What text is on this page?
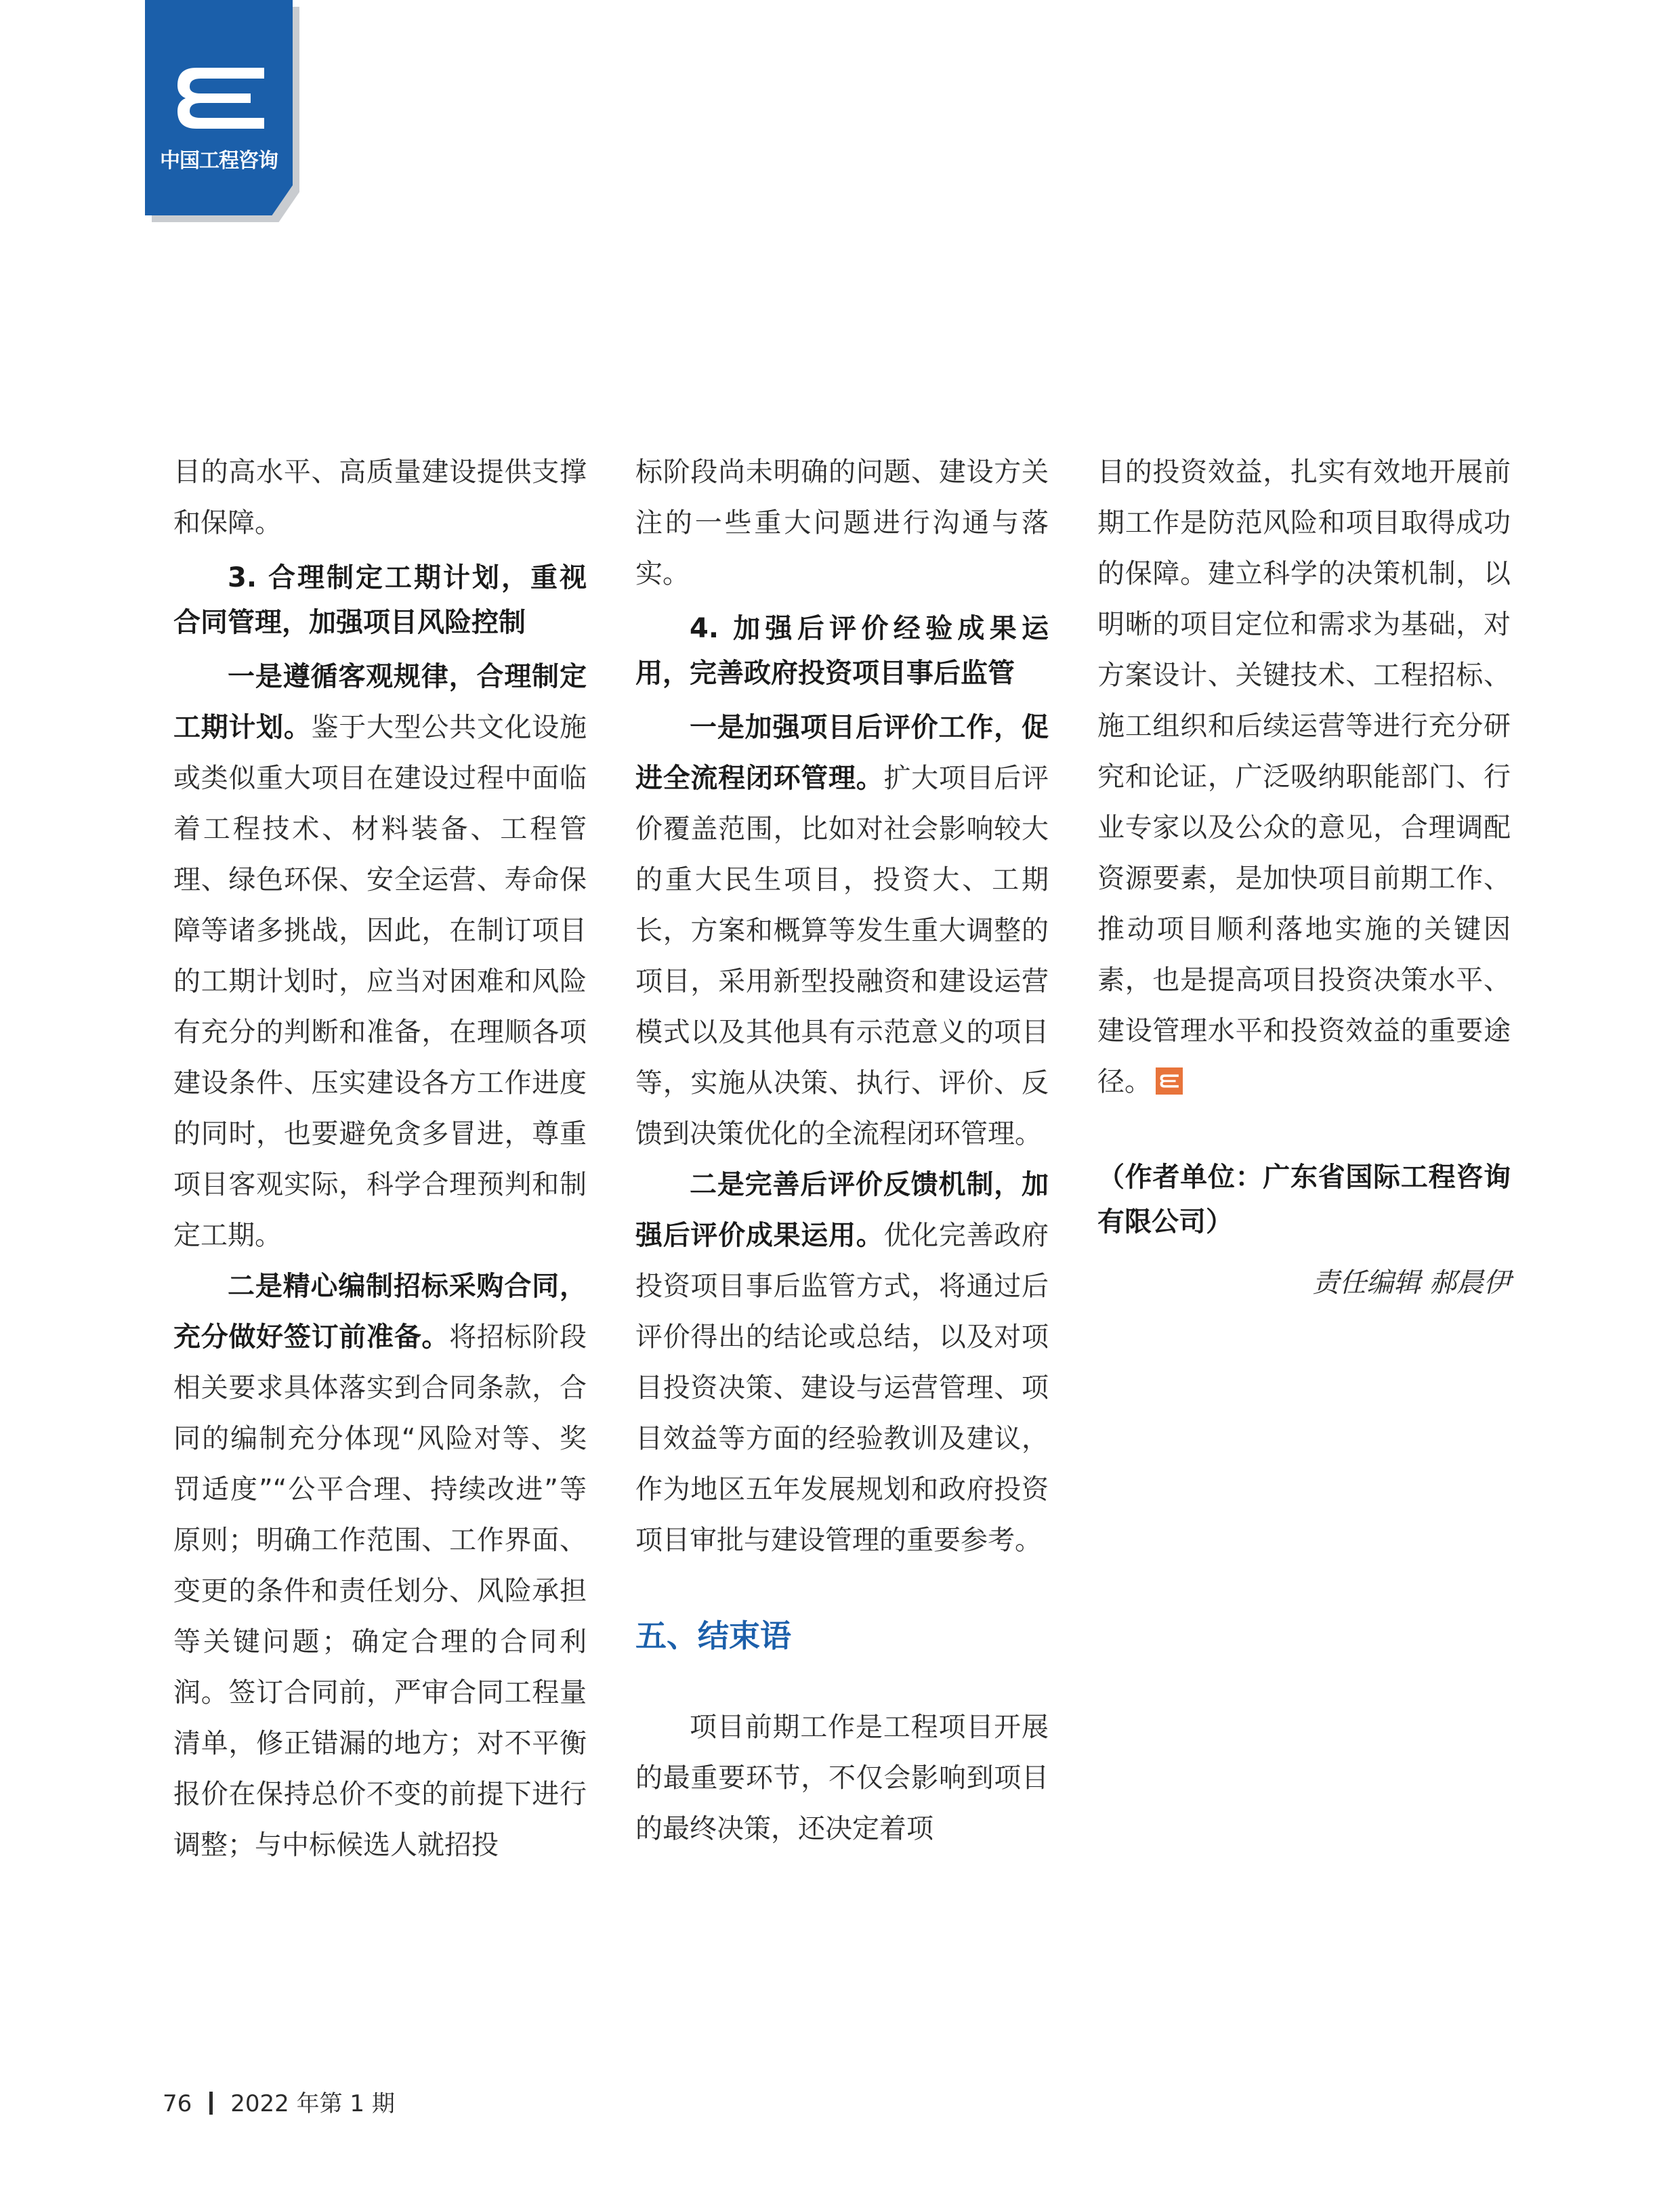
中国工程咨询

目的高水平、高质量建设提供支撑和保障。

3. 合理制定工期计划，重视合同管理，加强项目风险控制

一是遵循客观规律，合理制定工期计划。鉴于大型公共文化设施或类似重大项目在建设过程中面临着工程技术、材料装备、工程管理、绿色环保、安全运营、寿命保障等诸多挑战，因此，在制订项目的工期计划时，应当对困难和风险有充分的判断和准备，在理顺各项建设条件、压实建设各方工作进度的同时，也要避免贪多冒进，尊重项目客观实际，科学合理预判和制定工期。

二是精心编制招标采购合同，充分做好签订前准备。将招标阶段相关要求具体落实到合同条款，合同的编制充分体现“风险对等、奖罚适度”“公平合理、持续改进”等原则；明确工作范围、工作界面、变更的条件和责任划分、风险承担等关键问题；确定合理的合同利润。签订合同前，严审合同工程量清单，修正错漏的地方；对不平衡报价在保持总价不变的前提下进行调整；与中标候选人就招投

标阶段尚未明确的问题、建设方关注的一些重大问题进行沟通与落实。

4. 加强后评价经验成果运用，完善政府投资项目事后监管

一是加强项目后评价工作，促进全流程闭环管理。扩大项目后评价覆盖范围，比如对社会影响较大的重大民生项目，投资大、工期长，方案和概算等发生重大调整的项目，采用新型投融资和建设运营模式以及其他具有示范意义的项目等，实施从决策、执行、评价、反馈到决策优化的全流程闭环管理。

二是完善后评价反馈机制，加强后评价成果运用。优化完善政府投资项目事后监管方式，将通过后评价得出的结论或总结，以及对项目投资决策、建设与运营管理、项目效益等方面的经验教训及建议，作为地区五年发展规划和政府投资项目审批与建设管理的重要参考。

五、结束语

项目前期工作是工程项目开展的最重要环节，不仅会影响到项目的最终决策，还决定着项

目的投资效益，扎实有效地开展前期工作是防范风险和项目取得成功的保障。建立科学的决策机制，以明晰的项目定位和需求为基础，对方案设计、关键技术、工程招标、施工组织和后续运营等进行充分研究和论证，广泛吸纳职能部门、行业专家以及公众的意见，合理调配资源要素，是加快项目前期工作、推动项目顺利落地实施的关键因素，也是提高项目投资决策水平、建设管理水平和投资效益的重要途径。

（作者单位：广东省国际工程咨询有限公司）

责任编辑 郝晨伊

76 2022 年第 1 期
